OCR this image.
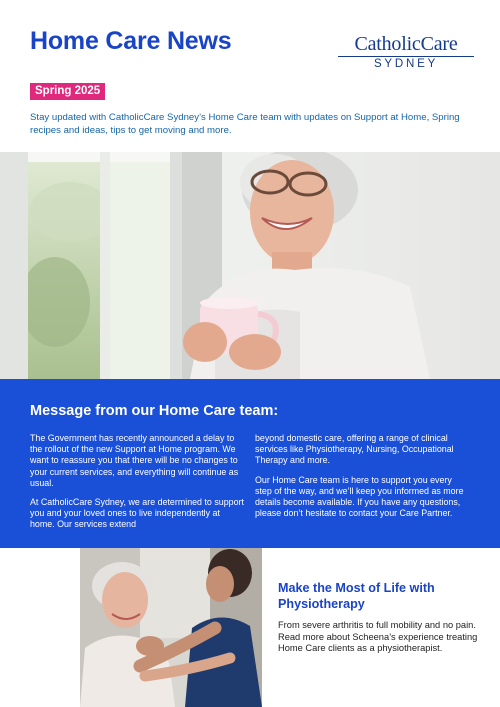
Home Care News	CatholicCare
SYDNEY
Spring 2025
Stay updated with CatholicCare Sydney’s Home Care team with updates on Support at Home, Spring recipes and ideas, tips to get moving and more.
Message from our Home Care team:

The Government has recently announced a delay to the rollout of the new Support at Home program. We want to reassure you that there will be no changes to your current services, and everything will continue as usual.

At CatholicCare Sydney, we are determined to support you and your loved ones to live independently at home. Our services extend

beyond domestic care, offering a range of clinical services like Physiotherapy, Nursing, Occupational Therapy and more.

Our Home Care team is here to support you every step of the way, and we’ll keep you informed as more details become available. If you have any questions, please don’t hesitate to contact your Care Partner.

Make the Most of Life with Physiotherapy
From severe arthritis to full mobility and no pain. Read more about Scheena’s experience treating Home Care clients as a physiotherapist.
